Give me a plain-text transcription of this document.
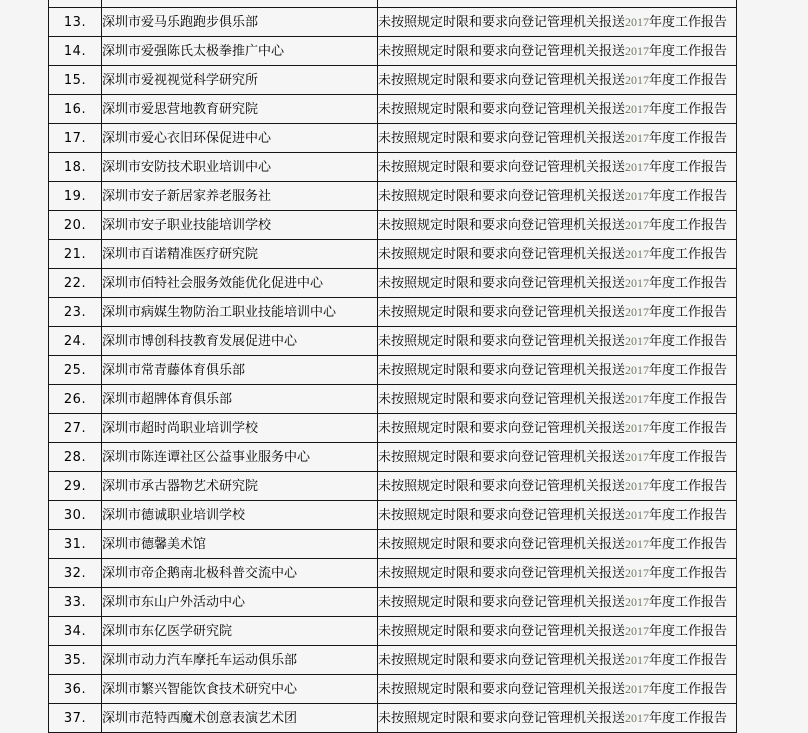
13.	深圳市爱马乐跑跑步俱乐部	未按照规定时限和要求向登记管理机关报送2017年度工作报告
14.	深圳市爱强陈氏太极拳推广中心	未按照规定时限和要求向登记管理机关报送2017年度工作报告
15.	深圳市爱视视觉科学研究所	未按照规定时限和要求向登记管理机关报送2017年度工作报告
16.	深圳市爱思营地教育研究院	未按照规定时限和要求向登记管理机关报送2017年度工作报告
17.	深圳市爱心衣旧环保促进中心	未按照规定时限和要求向登记管理机关报送2017年度工作报告
18.	深圳市安防技术职业培训中心	未按照规定时限和要求向登记管理机关报送2017年度工作报告
19.	深圳市安子新居家养老服务社	未按照规定时限和要求向登记管理机关报送2017年度工作报告
20.	深圳市安子职业技能培训学校	未按照规定时限和要求向登记管理机关报送2017年度工作报告
21.	深圳市百诺精准医疗研究院	未按照规定时限和要求向登记管理机关报送2017年度工作报告
22.	深圳市佰特社会服务效能优化促进中心	未按照规定时限和要求向登记管理机关报送2017年度工作报告
23.	深圳市病媒生物防治工职业技能培训中心	未按照规定时限和要求向登记管理机关报送2017年度工作报告
24.	深圳市博创科技教育发展促进中心	未按照规定时限和要求向登记管理机关报送2017年度工作报告
25.	深圳市常青藤体育俱乐部	未按照规定时限和要求向登记管理机关报送2017年度工作报告
26.	深圳市超牌体育俱乐部	未按照规定时限和要求向登记管理机关报送2017年度工作报告
27.	深圳市超时尚职业培训学校	未按照规定时限和要求向登记管理机关报送2017年度工作报告
28.	深圳市陈连谭社区公益事业服务中心	未按照规定时限和要求向登记管理机关报送2017年度工作报告
29.	深圳市承古器物艺术研究院	未按照规定时限和要求向登记管理机关报送2017年度工作报告
30.	深圳市德诚职业培训学校	未按照规定时限和要求向登记管理机关报送2017年度工作报告
31.	深圳市德馨美术馆	未按照规定时限和要求向登记管理机关报送2017年度工作报告
32.	深圳市帝企鹅南北极科普交流中心	未按照规定时限和要求向登记管理机关报送2017年度工作报告
33.	深圳市东山户外活动中心	未按照规定时限和要求向登记管理机关报送2017年度工作报告
34.	深圳市东亿医学研究院	未按照规定时限和要求向登记管理机关报送2017年度工作报告
35.	深圳市动力汽车摩托车运动俱乐部	未按照规定时限和要求向登记管理机关报送2017年度工作报告
36.	深圳市繁兴智能饮食技术研究中心	未按照规定时限和要求向登记管理机关报送2017年度工作报告
37.	深圳市范特西魔术创意表演艺术团	未按照规定时限和要求向登记管理机关报送2017年度工作报告
